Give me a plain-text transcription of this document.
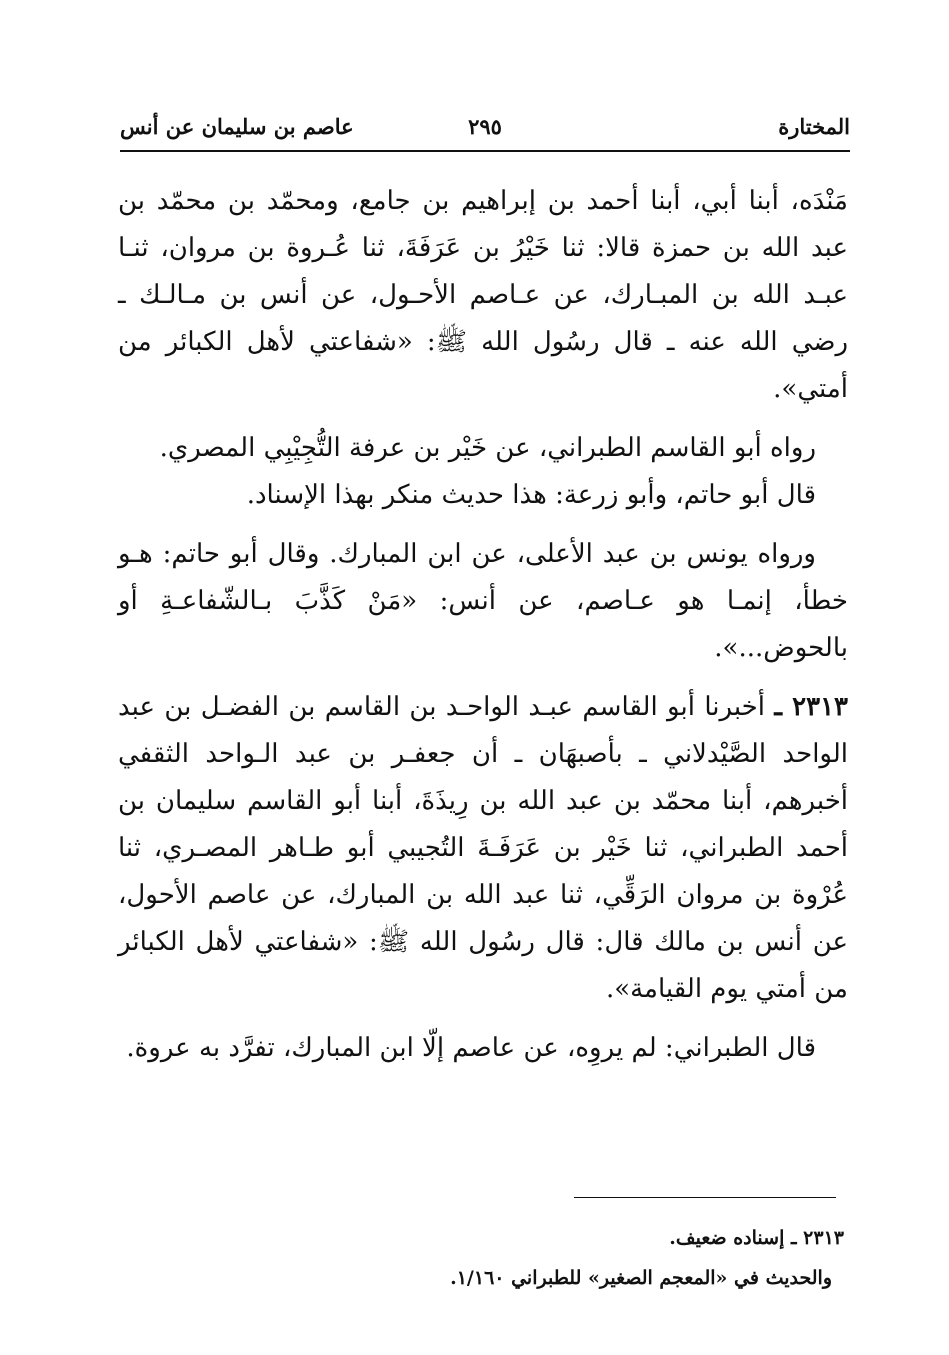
المختارة
٢٩٥
عاصم بن سليمان عن أنس

مَنْدَه، أبنا أبي، أبنا أحمد بن إبراهيم بن جامع، ومحمّد بن محمّد بن عبد الله بن حمزة قالا: ثنا خَيْرُ بن عَرَفَةَ، ثنا عُـروة بن مروان، ثنـا عبـد الله بن المبـارك، عن عـاصم الأحـول، عن أنس بن مـالـك ـ رضي الله عنه ـ قال رسُول الله ﷺ: «شفاعتي لأهل الكبائر من أمتي».

رواه أبو القاسم الطبراني، عن خَيْر بن عرفة التُّجِيْبِي المصري.

قال أبو حاتم، وأبو زرعة: هذا حديث منكر بهذا الإسناد.

ورواه يونس بن عبد الأعلى، عن ابن المبارك. وقال أبو حاتم: هـو خطأ، إنمـا هو عـاصم، عن أنس: «مَنْ كَذَّبَ بـالشّفاعـةِ أو بالحوض...».

٢٣١٣ ـ أخبرنا أبو القاسم عبـد الواحـد بن القاسم بن الفضـل بن عبد الواحد الصَّيْدلاني ـ بأصبهَان ـ أن جعفـر بن عبد الـواحد الثقفي أخبرهم، أبنا محمّد بن عبد الله بن رِيذَةَ، أبنا أبو القاسم سليمان بن أحمد الطبراني، ثنا خَيْر بن عَرَفَـةَ التُجيبي أبو طـاهر المصـري، ثنا عُرْوة بن مروان الرَقِّي، ثنا عبد الله بن المبارك، عن عاصم الأحول، عن أنس بن مالك قال: قال رسُول الله ﷺ: «شفاعتي لأهل الكبائر من أمتي يوم القيامة».

قال الطبراني: لم يروِه، عن عاصم إلّا ابن المبارك، تفرَّد به عروة.

٢٣١٣ ـ إسناده ضعيف.

والحديث في «المعجم الصغير» للطبراني ١/١٦٠.
